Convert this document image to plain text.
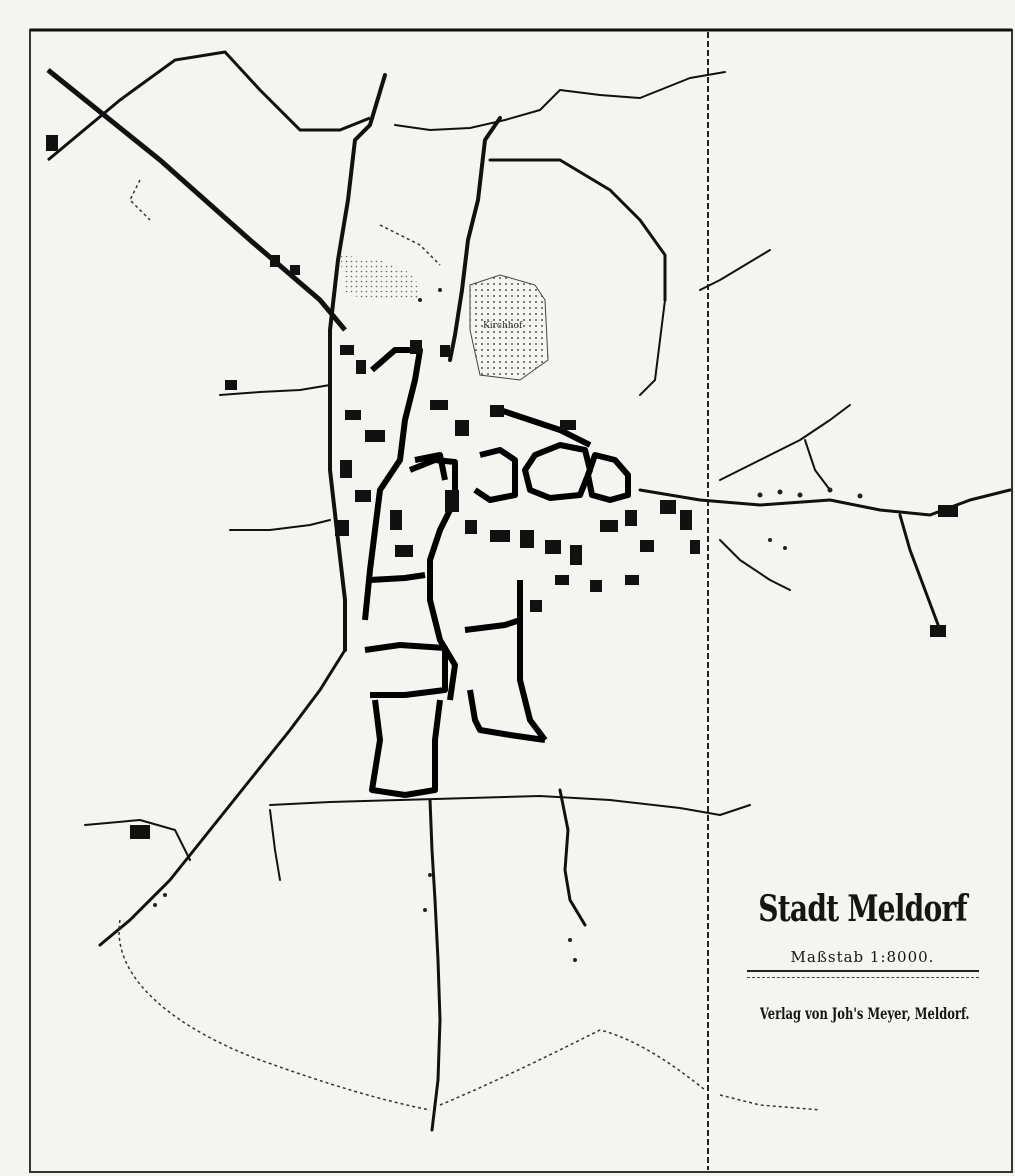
Kirchhof
Stadt Meldorf
Maßstab 1:8000.
Verlag von Joh's Meyer, Meldorf.
